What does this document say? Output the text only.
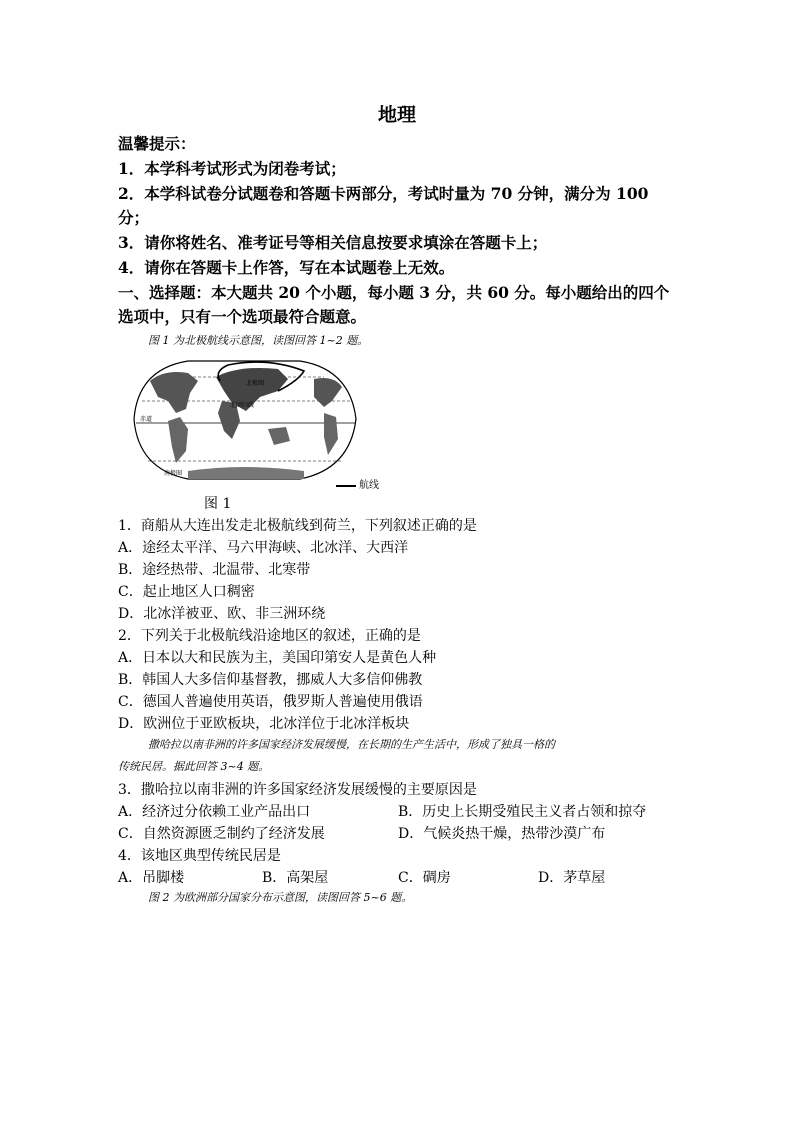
地理
温馨提示：
1．本学科考试形式为闭卷考试；
2．本学科试卷分试题卷和答题卡两部分，考试时量为 70 分钟，满分为 100
分；
3．请你将姓名、准考证号等相关信息按要求填涂在答题卡上；
4．请你在答题卡上作答，写在本试题卷上无效。
一、选择题：本大题共 20 个小题，每小题 3 分，共 60 分。每小题给出的四个
选项中，只有一个选项最符合题意。
图 1 为北极航线示意图，读图回答 1~2 题。
北极圈
北回归线
赤道
南极圈
航线
图 1
1．商船从大连出发走北极航线到荷兰，下列叙述正确的是
A．途经太平洋、马六甲海峡、北冰洋、大西洋
B．途经热带、北温带、北寒带
C．起止地区人口稠密
D．北冰洋被亚、欧、非三洲环绕
2．下列关于北极航线沿途地区的叙述，正确的是
A．日本以大和民族为主，美国印第安人是黄色人种
B．韩国人大多信仰基督教，挪威人大多信仰佛教
C．德国人普遍使用英语，俄罗斯人普遍使用俄语
D．欧洲位于亚欧板块，北冰洋位于北冰洋板块
撒哈拉以南非洲的许多国家经济发展缓慢，在长期的生产生活中，形成了独具一格的
传统民居。据此回答 3~4 题。
3．撒哈拉以南非洲的许多国家经济发展缓慢的主要原因是
A．经济过分依赖工业产品出口	B．历史上长期受殖民主义者占领和掠夺
C．自然资源匮乏制约了经济发展	D．气候炎热干燥，热带沙漠广布
4．该地区典型传统民居是
A．吊脚楼	B．高架屋	C．碉房	D．茅草屋
图 2 为欧洲部分国家分布示意图，读图回答 5~6 题。
